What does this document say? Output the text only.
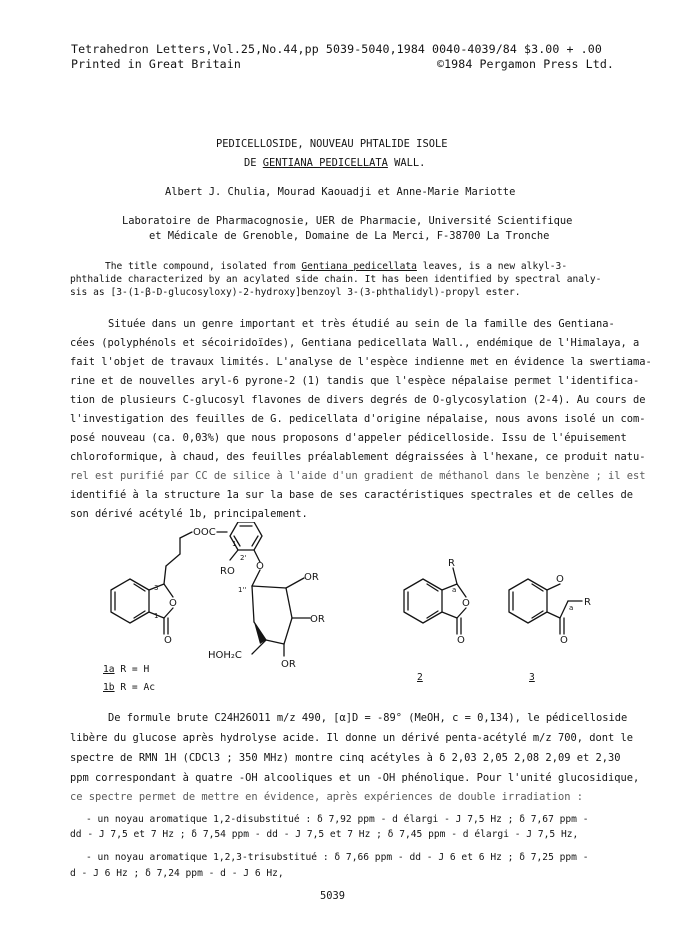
Tetrahedron Letters,Vol.25,No.44,pp 5039-5040,1984
Printed in Great Britain
0040-4039/84 $3.00 + .00
©1984 Pergamon Press Ltd.
PEDICELLOSIDE, NOUVEAU PHTALIDE ISOLE
DE GENTIANA PEDICELLATA WALL.
Albert J. Chulia, Mourad Kaouadji et Anne-Marie Mariotte
Laboratoire de Pharmacognosie, UER de Pharmacie, Université Scientifique
et Médicale de Grenoble, Domaine de La Merci, F-38700 La Tronche
The title compound, isolated from Gentiana pedicellata leaves, is a new alkyl-3-
phthalide characterized by an acylated side chain. It has been identified by spectral analy-
sis as [3-(1-β-D-glucosyloxy)-2-hydroxy]benzoyl 3-(3-phthalidyl)-propyl ester.
Située dans un genre important et très étudié au sein de la famille des Gentiana-
cées (polyphénols et sécoiridoïdes), Gentiana pedicellata Wall., endémique de l'Himalaya, a
fait l'objet de travaux limités. L'analyse de l'espèce indienne met en évidence la swertiama-
rine et de nouvelles aryl-6 pyrone-2 (1) tandis que l'espèce népalaise permet l'identifica-
tion de plusieurs C-glucosyl flavones de divers degrés de O-glycosylation (2-4). Au cours de
l'investigation des feuilles de G. pedicellata d'origine népalaise, nous avons isolé un com-
posé nouveau (ca. 0,03%) que nous proposons d'appeler pédicelloside. Issu de l'épuisement
chloroformique, à chaud, des feuilles préalablement dégraissées à l'hexane, ce produit natu-
rel est purifié par CC de silice à l'aide d'un gradient de méthanol dans le benzène ; il est
identifié à la structure 1a sur la base de ses caractéristiques spectrales et de celles de
son dérivé acétylé 1b, principalement.
OOC
RO O
OR
OR
OR
HOH₂C
O
O
R
O
O
O
R
O
3
1
1'
2'
1''	a
a
1a R = H
1b R = Ac
2	3
De formule brute C24H26O11 m/z 490, [α]D = -89° (MeOH, c = 0,134), le pédicelloside
libère du glucose après hydrolyse acide. Il donne un dérivé penta-acétylé m/z 700, dont le
spectre de RMN 1H (CDCl3 ; 350 MHz) montre cinq acétyles à δ 2,03 2,05 2,08 2,09 et 2,30
ppm correspondant à quatre -OH alcooliques et un -OH phénolique. Pour l'unité glucosidique,
ce spectre permet de mettre en évidence, après expériences de double irradiation :
- un noyau aromatique 1,2-disubstitué : δ 7,92 ppm - d élargi - J 7,5 Hz ; δ 7,67 ppm -
dd - J 7,5 et 7 Hz ; δ 7,54 ppm - dd - J 7,5 et 7 Hz ; δ 7,45 ppm - d élargi - J 7,5 Hz,
- un noyau aromatique 1,2,3-trisubstitué : δ 7,66 ppm - dd - J 6 et 6 Hz ; δ 7,25 ppm -
d - J 6 Hz ; δ 7,24 ppm - d - J 6 Hz,
5039
